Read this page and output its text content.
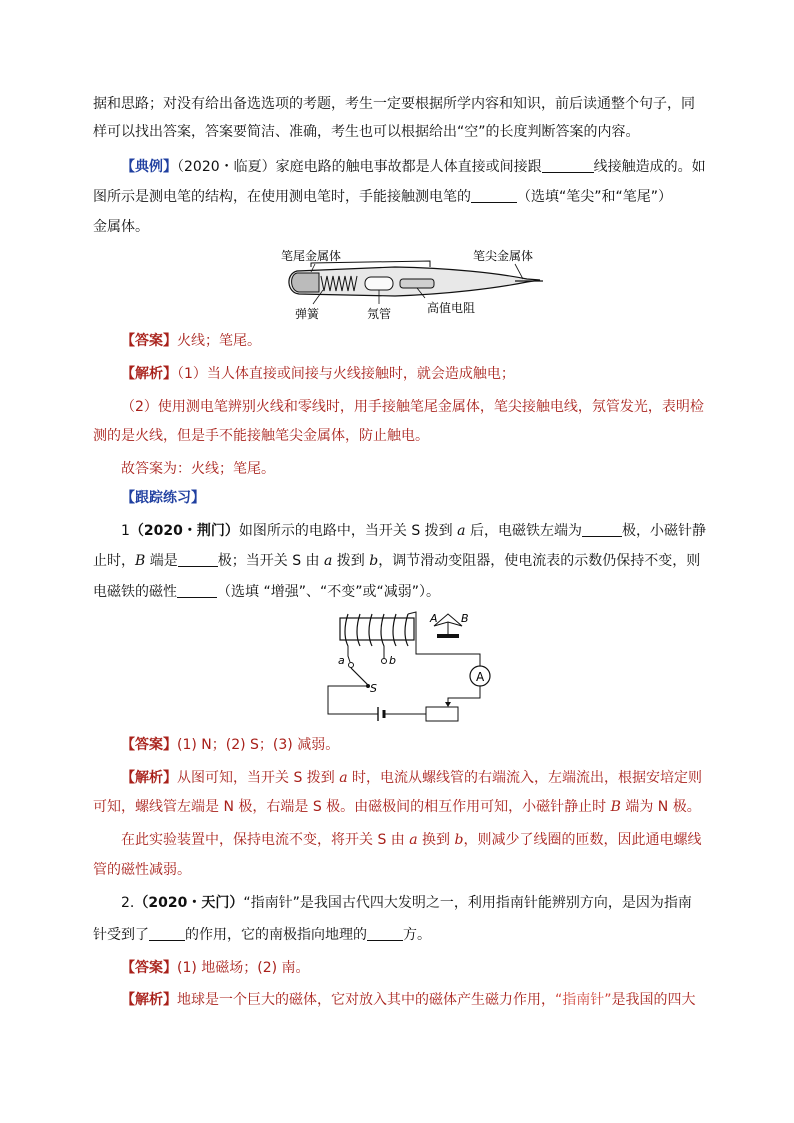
据和思路；对没有给出备选选项的考题，考生一定要根据所学内容和知识，前后读通整个句子，同
样可以找出答案，答案要简洁、准确，考生也可以根据给出“空”的长度判断答案的内容。
【典例】（2020・临夏）家庭电路的触电事故都是人体直接或间接跟	线接触造成的。如
图所示是测电笔的结构，在使用测电笔时，手能接触测电笔的	（选填“笔尖”和“笔尾”）
金属体。
笔尾金属体	笔尖金属体
弹簧	氖管	高值电阻
【答案】火线；笔尾。
【解析】（1）当人体直接或间接与火线接触时，就会造成触电；
（2）使用测电笔辨别火线和零线时，用手接触笔尾金属体，笔尖接触电线，氖管发光，表明检
测的是火线，但是手不能接触笔尖金属体，防止触电。
故答案为：火线；笔尾。
【跟踪练习】
1（2020・荆门）如图所示的电路中，当开关 S 拨到 a 后，电磁铁左端为	极，小磁针静
止时，B 端是	极；当开关 S 由 a 拨到 b，调节滑动变阻器，使电流表的示数仍保持不变，则
电磁铁的磁性	（选填 “增强”、“不变”或“减弱”）。
A
A B
a	b
S
【答案】(1) N；(2) S；(3) 减弱。
【解析】从图可知，当开关 S 拨到 a 时，电流从螺线管的右端流入，左端流出，根据安培定则
可知，螺线管左端是 N 极，右端是 S 极。由磁极间的相互作用可知，小磁针静止时 B 端为 N 极。
在此实验装置中，保持电流不变，将开关 S 由 a 换到 b，则减少了线圈的匝数，因此通电螺线
管的磁性减弱。
2.（2020・天门）“指南针”是我国古代四大发明之一，利用指南针能辨别方向，是因为指南
针受到了	的作用，它的南极指向地理的	方。
【答案】(1) 地磁场；(2) 南。
【解析】地球是一个巨大的磁体，它对放入其中的磁体产生磁力作用，“指南针”是我国的四大
